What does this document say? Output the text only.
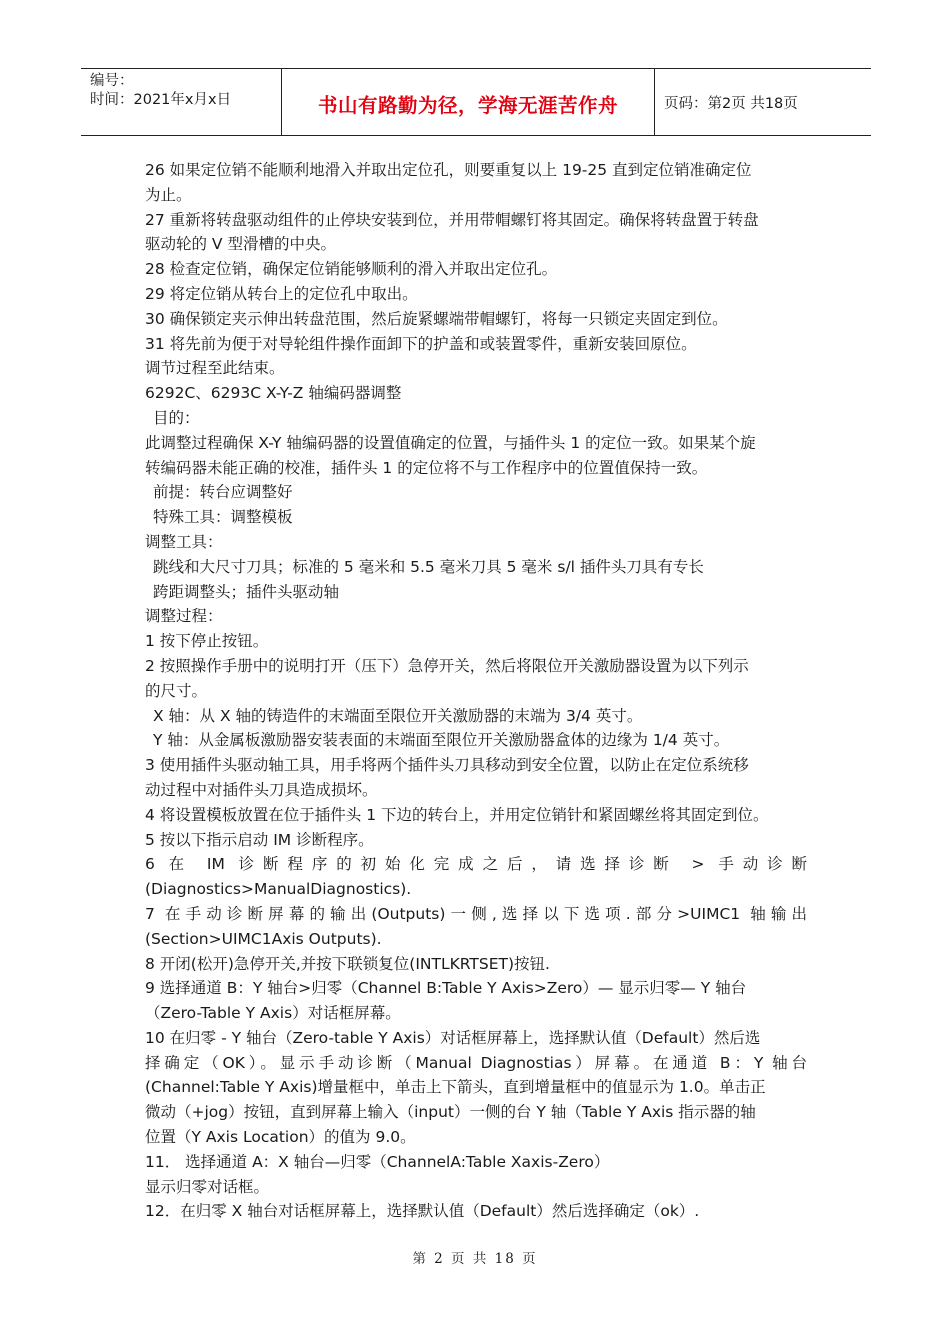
编号：
时间：2021年x月x日	书山有路勤为径，学海无涯苦作舟	页码：第2页 共18页

26 如果定位销不能顺利地滑入并取出定位孔，则要重复以上 19-25 直到定位销准确定位

为止。

27 重新将转盘驱动组件的止停块安装到位，并用带帽螺钉将其固定。确保将转盘置于转盘

驱动轮的 V 型滑槽的中央。

28 检查定位销，确保定位销能够顺利的滑入并取出定位孔。

29 将定位销从转台上的定位孔中取出。

30 确保锁定夹示伸出转盘范围，然后旋紧螺端带帽螺钉，将每一只锁定夹固定到位。

31 将先前为便于对导轮组件操作面卸下的护盖和或装置零件，重新安装回原位。

调节过程至此结束。

6292C、6293C X-Y-Z 轴编码器调整

目的：

此调整过程确保 X-Y 轴编码器的设置值确定的位置，与插件头 1 的定位一致。如果某个旋

转编码器未能正确的校准，插件头 1 的定位将不与工作程序中的位置值保持一致。

前提：转台应调整好

特殊工具：调整模板

调整工具：

跳线和大尺寸刀具；标准的 5 毫米和 5.5 毫米刀具 5 毫米 s/l 插件头刀具有专长

跨距调整头；插件头驱动轴

调整过程：

1 按下停止按钮。

2 按照操作手册中的说明打开（压下）急停开关，然后将限位开关激励器设置为以下列示

的尺寸。

X 轴：从 X 轴的铸造件的末端面至限位开关激励器的末端为 3/4 英寸。

Y 轴：从金属板激励器安装表面的末端面至限位开关激励器盒体的边缘为 1/4 英寸。

3 使用插件头驱动轴工具，用手将两个插件头刀具移动到安全位置，以防止在定位系统移

动过程中对插件头刀具造成损坏。

4 将设置模板放置在位于插件头 1 下边的转台上，并用定位销针和紧固螺丝将其固定到位。

5 按以下指示启动 IM 诊断程序。

6 在 IM 诊断程序的初始化完成之后，请选择诊断 > 手动诊断

(Diagnostics>ManualDiagnostics).

7 在手动诊断屏幕的输出(Outputs)一侧,选择以下选项.部分>UIMC1 轴输出

(Section>UIMC1Axis Outputs).

8 开闭(松开)急停开关,并按下联锁复位(INTLKRTSET)按钮.

9 选择通道 B：Y 轴台>归零（Channel B:Table Y Axis>Zero）— 显示归零— Y 轴台

（Zero-Table Y Axis）对话框屏幕。

10 在归零 - Y 轴台（Zero-table Y Axis）对话框屏幕上，选择默认值（Default）然后选

择确定（OK）。显示手动诊断（Manual Diagnostias）屏幕。在通道 B：Y 轴台

(Channel:Table Y Axis)增量框中，单击上下箭头，直到增量框中的值显示为 1.0。单击正

微动（+jog）按钮，直到屏幕上输入（input）一侧的台 Y 轴（Table Y Axis 指示器的轴

位置（Y Axis Location）的值为 9.0。

11． 选择通道 A：X 轴台—归零（ChannelA:Table Xaxis-Zero）

显示归零对话框。

12．在归零 X 轴台对话框屏幕上，选择默认值（Default）然后选择确定（ok）.

第 2 页 共 18 页
